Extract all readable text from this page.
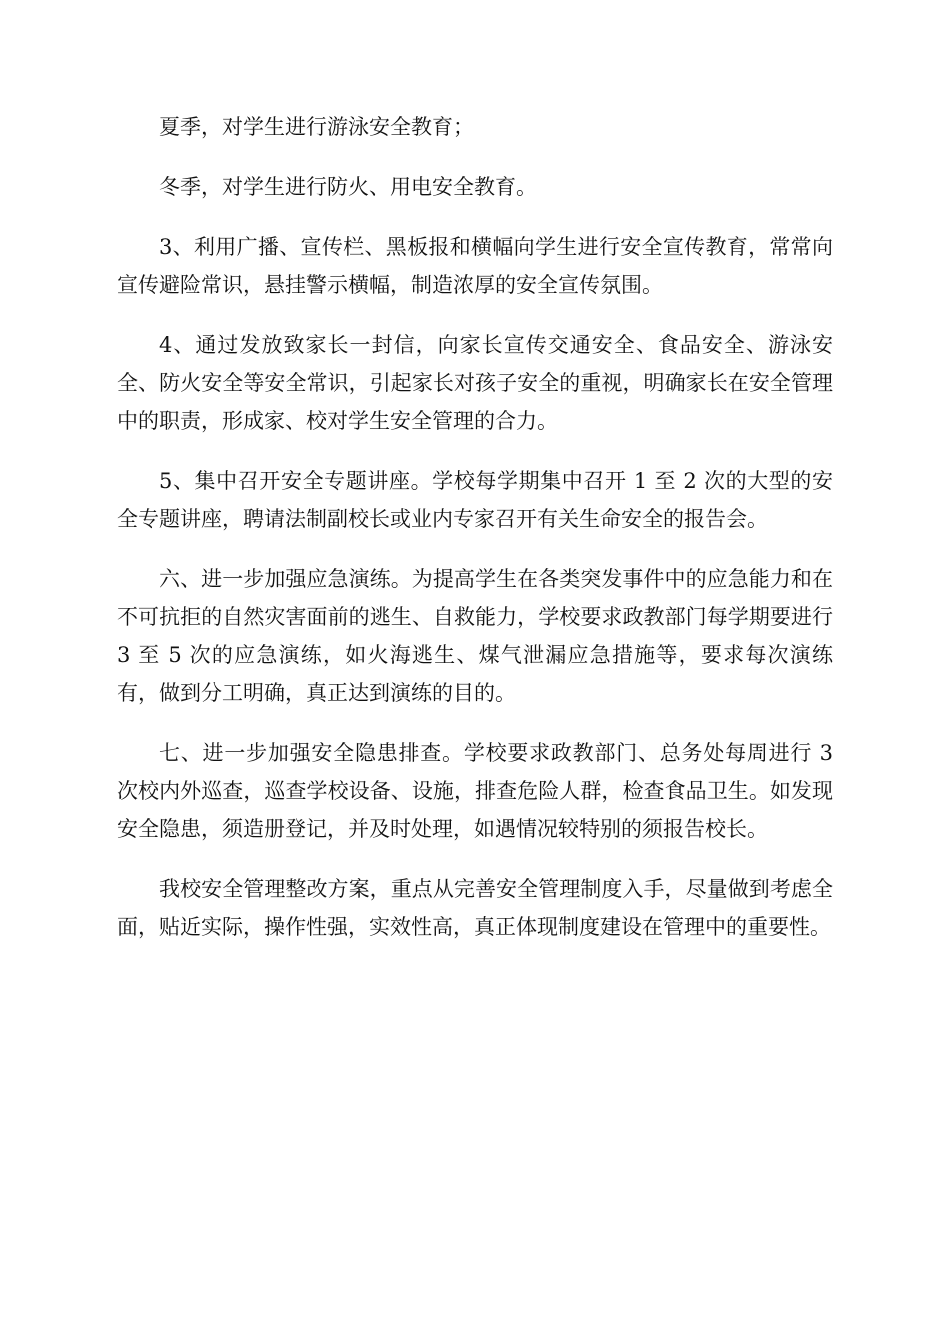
夏季，对学生进行游泳安全教育；

冬季，对学生进行防火、用电安全教育。

3、利用广播、宣传栏、黑板报和横幅向学生进行安全宣传教育，常常向宣传避险常识，悬挂警示横幅，制造浓厚的安全宣传氛围。

4、通过发放致家长一封信，向家长宣传交通安全、食品安全、游泳安全、防火安全等安全常识，引起家长对孩子安全的重视，明确家长在安全管理中的职责，形成家、校对学生安全管理的合力。

5、集中召开安全专题讲座。学校每学期集中召开 1 至 2 次的大型的安全专题讲座，聘请法制副校长或业内专家召开有关生命安全的报告会。

六、进一步加强应急演练。为提高学生在各类突发事件中的应急能力和在不可抗拒的自然灾害面前的逃生、自救能力，学校要求政教部门每学期要进行 3 至 5 次的应急演练，如火海逃生、煤气泄漏应急措施等，要求每次演练有，做到分工明确，真正达到演练的目的。

七、进一步加强安全隐患排查。学校要求政教部门、总务处每周进行 3 次校内外巡查，巡查学校设备、设施，排查危险人群，检查食品卫生。如发现安全隐患，须造册登记，并及时处理，如遇情况较特别的须报告校长。

我校安全管理整改方案，重点从完善安全管理制度入手，尽量做到考虑全面，贴近实际，操作性强，实效性高，真正体现制度建设在管理中的重要性。
